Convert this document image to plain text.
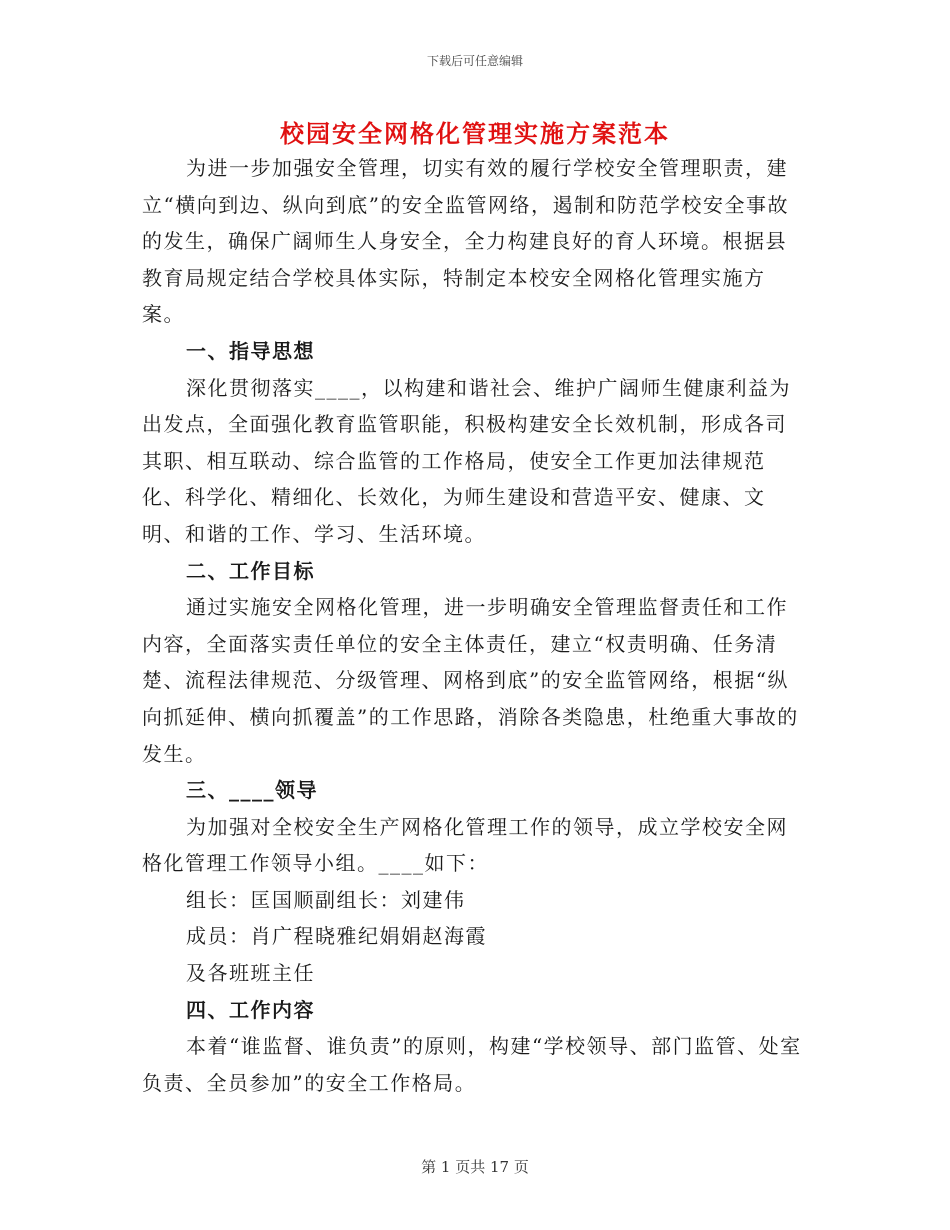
下载后可任意编辑
校园安全网格化管理实施方案范本

为进一步加强安全管理，切实有效的履行学校安全管理职责，建立“横向到边、纵向到底”的安全监管网络，遏制和防范学校安全事故的发生，确保广阔师生人身安全，全力构建良好的育人环境。根据县教育局规定结合学校具体实际，特制定本校安全网格化管理实施方案。

一、指导思想

深化贯彻落实____，以构建和谐社会、维护广阔师生健康利益为出发点，全面强化教育监管职能，积极构建安全长效机制，形成各司其职、相互联动、综合监管的工作格局，使安全工作更加法律规范化、科学化、精细化、长效化，为师生建设和营造平安、健康、文明、和谐的工作、学习、生活环境。

二、工作目标

通过实施安全网格化管理，进一步明确安全管理监督责任和工作内容，全面落实责任单位的安全主体责任，建立“权责明确、任务清楚、流程法律规范、分级管理、网格到底”的安全监管网络，根据“纵向抓延伸、横向抓覆盖”的工作思路，消除各类隐患，杜绝重大事故的发生。

三、____领导

为加强对全校安全生产网格化管理工作的领导，成立学校安全网格化管理工作领导小组。____如下：

组长：匡国顺副组长：刘建伟

成员：肖广程晓雅纪娟娟赵海霞

及各班班主任

四、工作内容

本着“谁监督、谁负责”的原则，构建“学校领导、部门监管、处室负责、全员参加”的安全工作格局。

第 1 页共 17 页
